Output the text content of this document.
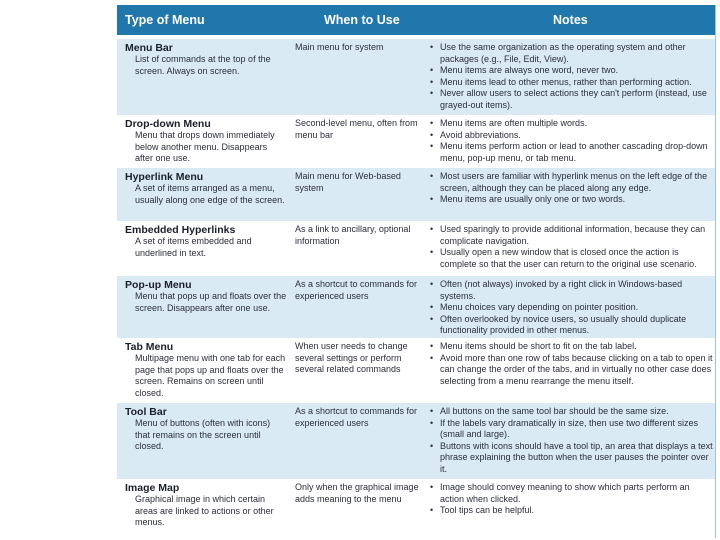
Type of Menu	When to Use	Notes
Menu Bar
List of commands at the top of the screen. Always on screen.
Main menu for system
•	Use the same organization as the operating system and other packages (e.g., File, Edit, View).
• Menu items are always one word, never two.
• Menu items lead to other menus, rather than performing action.
• Never allow users to select actions they can't perform (instead, use grayed-out items).
Drop-down Menu
Menu that drops down immediately below another menu. Disappears after one use.
Second-level menu, often from menu bar
• Menu items are often multiple words.
• Avoid abbreviations.
• Menu items perform action or lead to another cascading drop-down menu, pop-up menu, or tab menu.
Hyperlink Menu
A set of items arranged as a menu, usually along one edge of the screen.
Main menu for Web-based system
• Most users are familiar with hyperlink menus on the left edge of the screen, although they can be placed along any edge.
• Menu items are usually only one or two words.
Embedded Hyperlinks
A set of items embedded and underlined in text.
As a link to ancillary, optional information
• Used sparingly to provide additional information, because they can complicate navigation.
• Usually open a new window that is closed once the action is complete so that the user can return to the original use scenario.
Pop-up Menu
Menu that pops up and floats over the screen. Disappears after one use.
As a shortcut to commands for experienced users
• Often (not always) invoked by a right click in Windows-based systems.
• Menu choices vary depending on pointer position.
• Often overlooked by novice users, so usually should duplicate functionality provided in other menus.
Tab Menu
Multipage menu with one tab for each page that pops up and floats over the screen. Remains on screen until closed.
When user needs to change several settings or perform several related commands
• Menu items should be short to fit on the tab label.
• Avoid more than one row of tabs because clicking on a tab to open it can change the order of the tabs, and in virtually no other case does selecting from a menu rearrange the menu itself.
Tool Bar
Menu of buttons (often with icons) that remains on the screen until closed.
As a shortcut to commands for experienced users
• All buttons on the same tool bar should be the same size.
• If the labels vary dramatically in size, then use two different sizes (small and large).
• Buttons with icons should have a tool tip, an area that displays a text phrase explaining the button when the user pauses the pointer over it.
Image Map
Graphical image in which certain areas are linked to actions or other menus.
Only when the graphical image adds meaning to the menu
• Image should convey meaning to show which parts perform an action when clicked.
• Tool tips can be helpful.
